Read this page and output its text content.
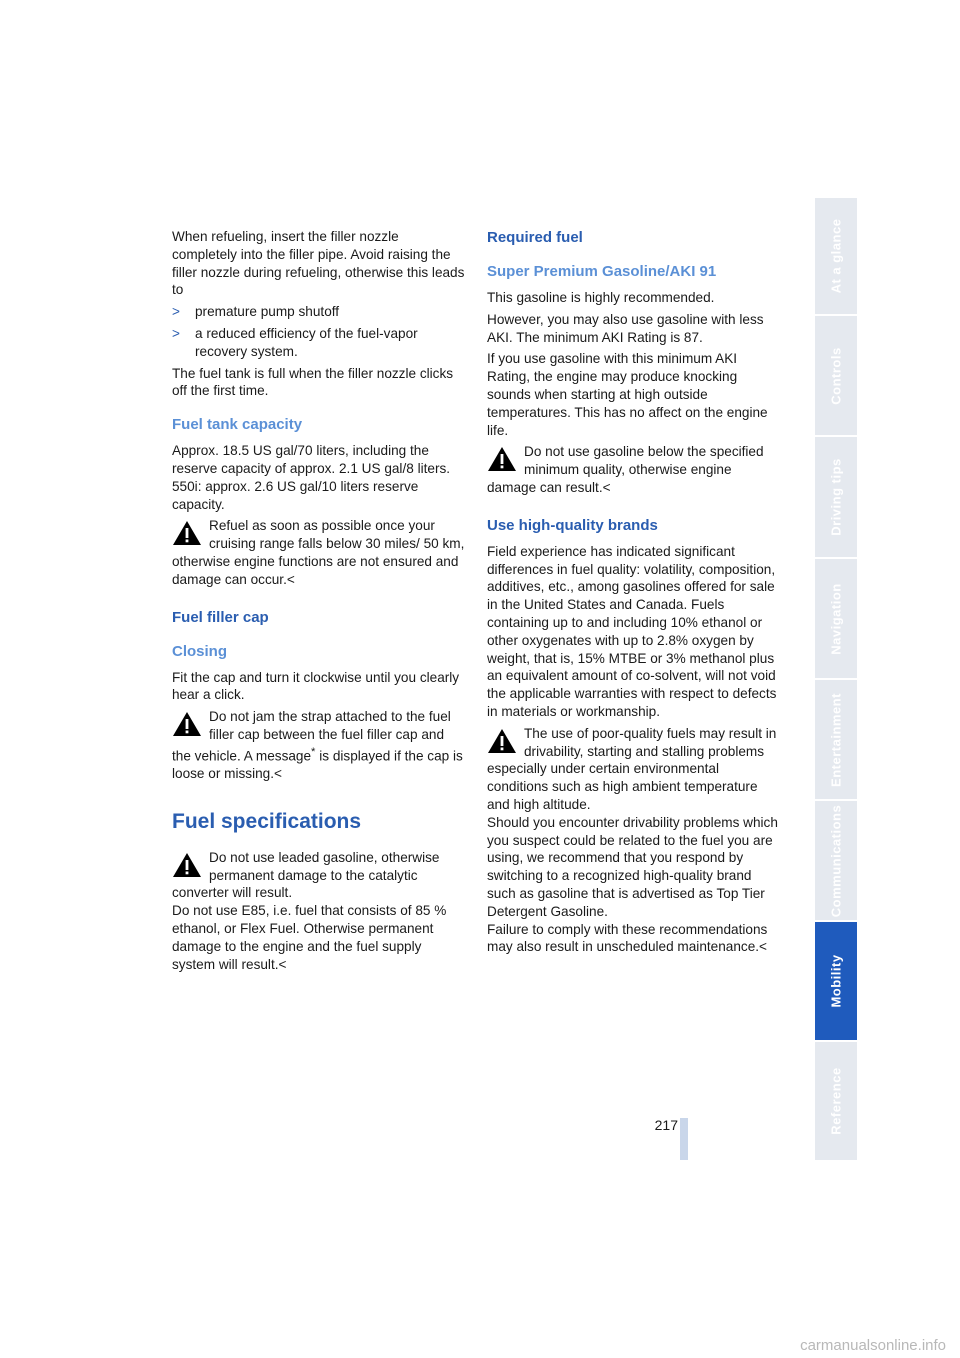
When refueling, insert the filler nozzle completely into the filler pipe. Avoid raising the filler nozzle during refueling, otherwise this leads to

>	premature pump shutoff
>	a reduced efficiency of the fuel-vapor recovery system.

The fuel tank is full when the filler nozzle clicks off the first time.

Fuel tank capacity

Approx. 18.5 US gal/70 liters, including the reserve capacity of approx. 2.1 US gal/8 liters. 550i: approx. 2.6 US gal/10 liters reserve capacity.

Refuel as soon as possible once your cruising range falls below 30 miles/ 50 km, otherwise engine functions are not ensured and damage can occur.<
Fuel filler cap
Closing

Fit the cap and turn it clockwise until you clearly hear a click.

Do not jam the strap attached to the fuel filler cap between the fuel filler cap and the vehicle. A message* is displayed if the cap is loose or missing.<
Fuel specifications
Do not use leaded gasoline, otherwise permanent damage to the catalytic converter will result.
Do not use E85, i.e. fuel that consists of 85 % ethanol, or Flex Fuel. Otherwise permanent damage to the engine and the fuel supply system will result.<
Required fuel
Super Premium Gasoline/AKI 91

This gasoline is highly recommended.

However, you may also use gasoline with less AKI. The minimum AKI Rating is 87.

If you use gasoline with this minimum AKI Rating, the engine may produce knocking sounds when starting at high outside temperatures. This has no affect on the engine life.

Do not use gasoline below the specified minimum quality, otherwise engine damage can result.<
Use high-quality brands

Field experience has indicated significant differences in fuel quality: volatility, composition, additives, etc., among gasolines offered for sale in the United States and Canada. Fuels containing up to and including 10% ethanol or other oxygenates with up to 2.8% oxygen by weight, that is, 15% MTBE or 3% methanol plus an equivalent amount of co-solvent, will not void the applicable warranties with respect to defects in materials or workmanship.

The use of poor-quality fuels may result in drivability, starting and stalling problems especially under certain environmental conditions such as high ambient temperature and high altitude.
Should you encounter drivability problems which you suspect could be related to the fuel you are using, we recommend that you respond by switching to a recognized high-quality brand such as gasoline that is advertised as Top Tier Detergent Gasoline.
Failure to comply with these recommendations may also result in unscheduled maintenance.<
At a glance
Controls
Driving tips
Navigation
Entertainment
Communications
Mobility
Reference
217
carmanualsonline.info
